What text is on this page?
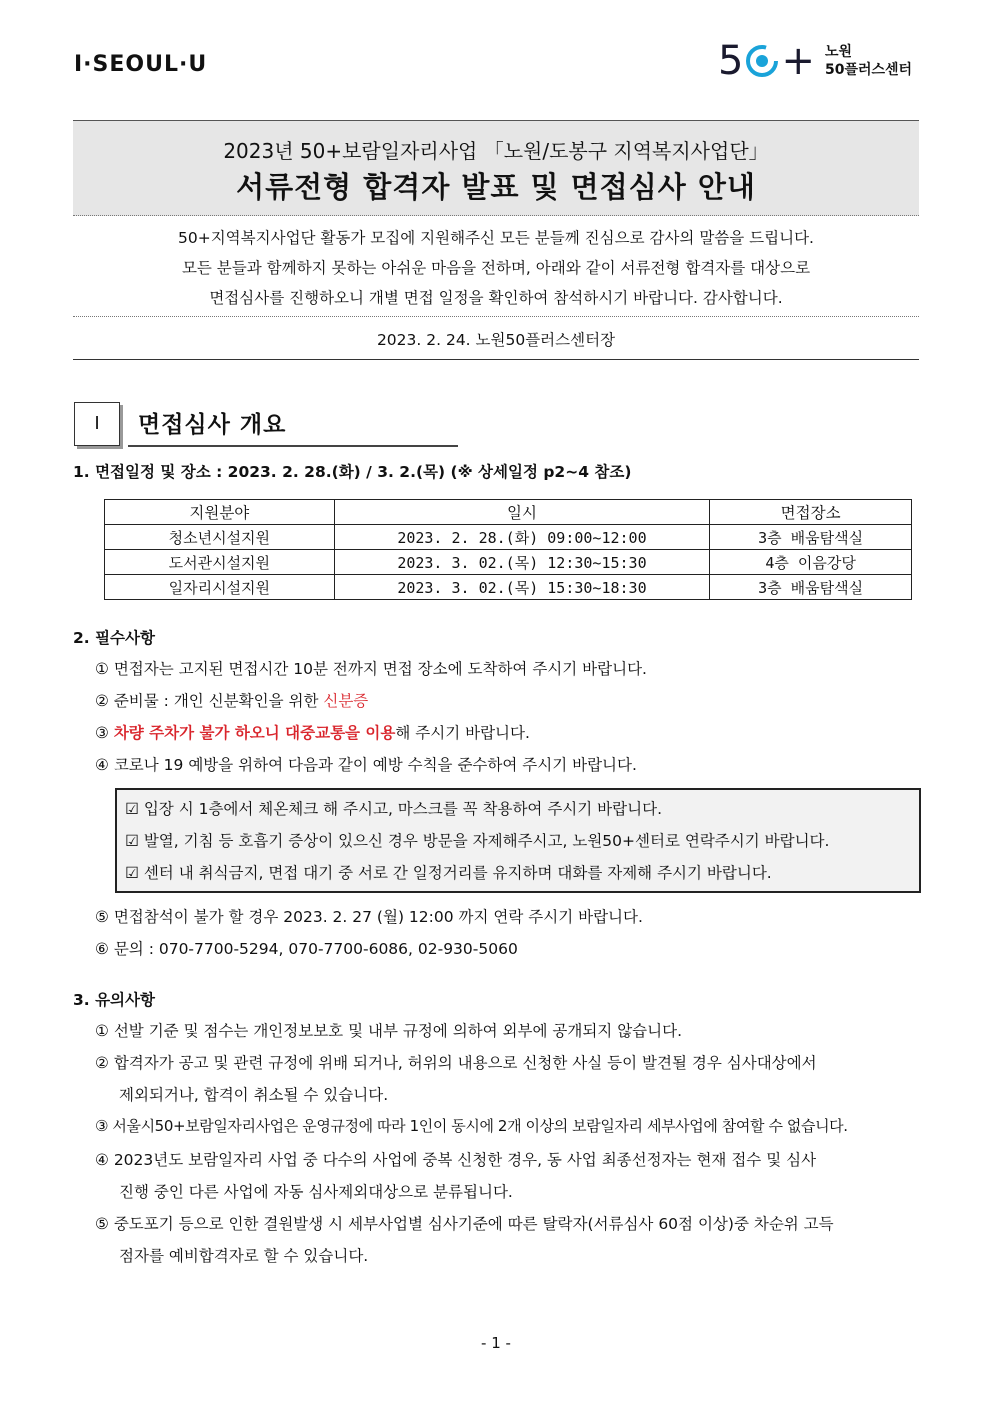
I·SEOUL·U	5 + 노원
50플러스센터
2023년 50+보람일자리사업 「노원/도봉구 지역복지사업단」
서류전형 합격자 발표 및 면접심사 안내
50+지역복지사업단 활동가 모집에 지원해주신 모든 분들께 진심으로 감사의 말씀을 드립니다.
모든 분들과 함께하지 못하는 아쉬운 마음을 전하며, 아래와 같이 서류전형 합격자를 대상으로
면접심사를 진행하오니 개별 면접 일정을 확인하여 참석하시기 바랍니다. 감사합니다.
2023. 2. 24. 노원50플러스센터장
Ⅰ	면접심사 개요
1. 면접일정 및 장소 : 2023. 2. 28.(화) / 3. 2.(목) (※ 상세일정 p2~4 참조)
지원분야	일시	면접장소
청소년시설지원	2023. 2. 28.(화) 09:00~12:00	3층 배움탐색실
도서관시설지원	2023. 3. 02.(목) 12:30~15:30	4층 이음강당
일자리시설지원	2023. 3. 02.(목) 15:30~18:30	3층 배움탐색실
2. 필수사항
① 면접자는 고지된 면접시간 10분 전까지 면접 장소에 도착하여 주시기 바랍니다.
② 준비물 : 개인 신분확인을 위한 신분증
③ 차량 주차가 불가 하오니 대중교통을 이용해 주시기 바랍니다.
④ 코로나 19 예방을 위하여 다음과 같이 예방 수칙을 준수하여 주시기 바랍니다.
☑ 입장 시 1층에서 체온체크 해 주시고, 마스크를 꼭 착용하여 주시기 바랍니다.
☑ 발열, 기침 등 호흡기 증상이 있으신 경우 방문을 자제해주시고, 노원50+센터로 연락주시기 바랍니다.
☑ 센터 내 취식금지, 면접 대기 중 서로 간 일정거리를 유지하며 대화를 자제해 주시기 바랍니다.
⑤ 면접참석이 불가 할 경우 2023. 2. 27 (월) 12:00 까지 연락 주시기 바랍니다.
⑥ 문의 : 070-7700-5294, 070-7700-6086, 02-930-5060
3. 유의사항
① 선발 기준 및 점수는 개인정보보호 및 내부 규정에 의하여 외부에 공개되지 않습니다.
② 합격자가 공고 및 관련 규정에 위배 되거나, 허위의 내용으로 신청한 사실 등이 발견될 경우 심사대상에서
제외되거나, 합격이 취소될 수 있습니다.
③ 서울시50+보람일자리사업은 운영규정에 따라 1인이 동시에 2개 이상의 보람일자리 세부사업에 참여할 수 없습니다.
④ 2023년도 보람일자리 사업 중 다수의 사업에 중복 신청한 경우, 동 사업 최종선정자는 현재 접수 및 심사
진행 중인 다른 사업에 자동 심사제외대상으로 분류됩니다.
⑤ 중도포기 등으로 인한 결원발생 시 세부사업별 심사기준에 따른 탈락자(서류심사 60점 이상)중 차순위 고득
점자를 예비합격자로 할 수 있습니다.
- 1 -
